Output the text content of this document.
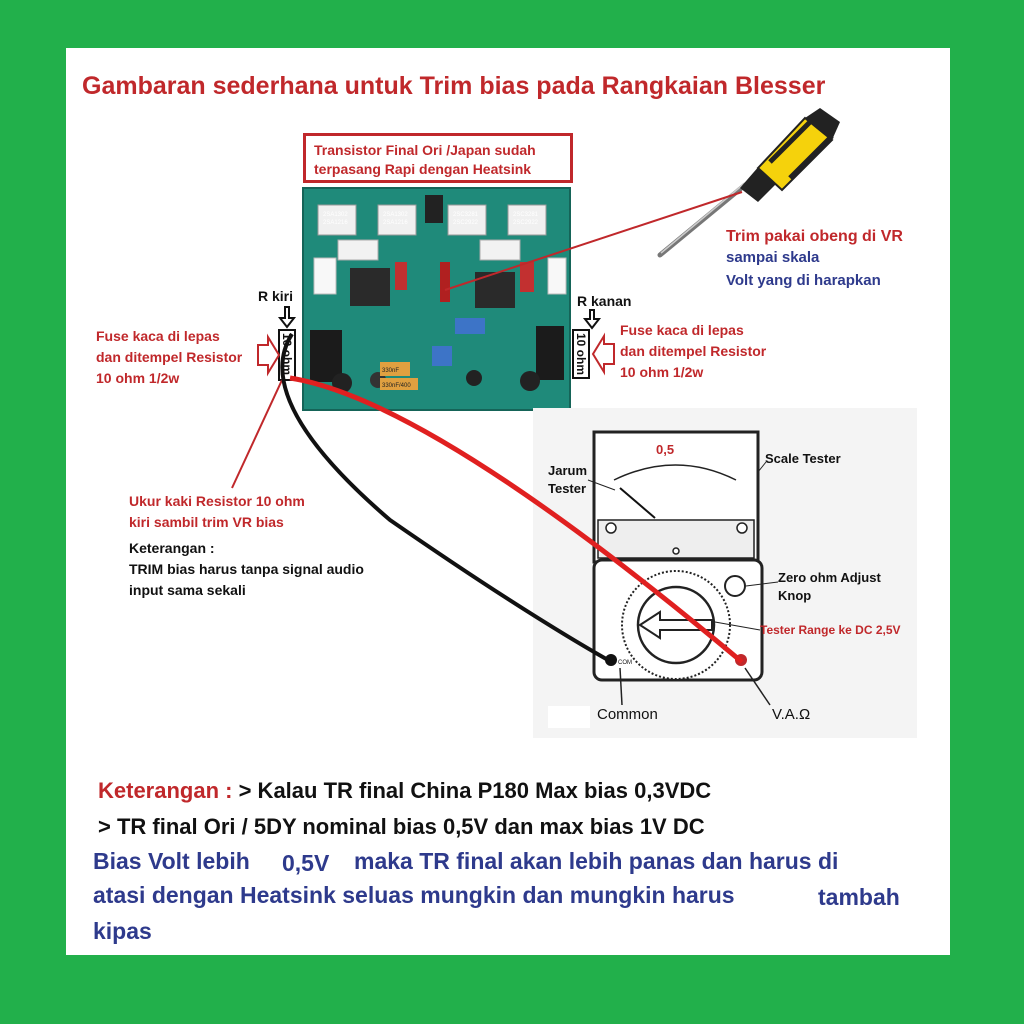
2SA1302
2SA1216
2SA1302
2SA1216
2SC3281
2SC2922
2SC3281
2SC2922
330nF
330nF/400
Gambaran sederhana untuk Trim bias pada Rangkaian Blesser
Transistor Final Ori /Japan sudah
terpasang Rapi dengan Heatsink
Trim pakai obeng di VR
sampai skala
Volt yang di harapkan
R kiri	R kanan
10 ohm	10 ohm
Fuse kaca di lepas
dan ditempel Resistor
10 ohm 1/2w
Fuse kaca di lepas
dan ditempel Resistor
10 ohm 1/2w
Ukur kaki Resistor 10 ohm
kiri sambil trim VR bias
Keterangan :
TRIM bias harus tanpa signal audio
input sama sekali
0,5
Scale Tester
Jarum
Tester
Zero ohm Adjust
Knop
Tester Range ke DC 2,5V
Common	V.A.Ω
COM
Keterangan : > Kalau TR final China P180 Max bias 0,3VDC
> TR final Ori / 5DY nominal bias 0,5V dan max bias 1V DC
Bias Volt lebih 0,5V maka TR final akan lebih panas dan harus di
atasi dengan Heatsink seluas mungkin dan mungkin harus	tambah
kipas
